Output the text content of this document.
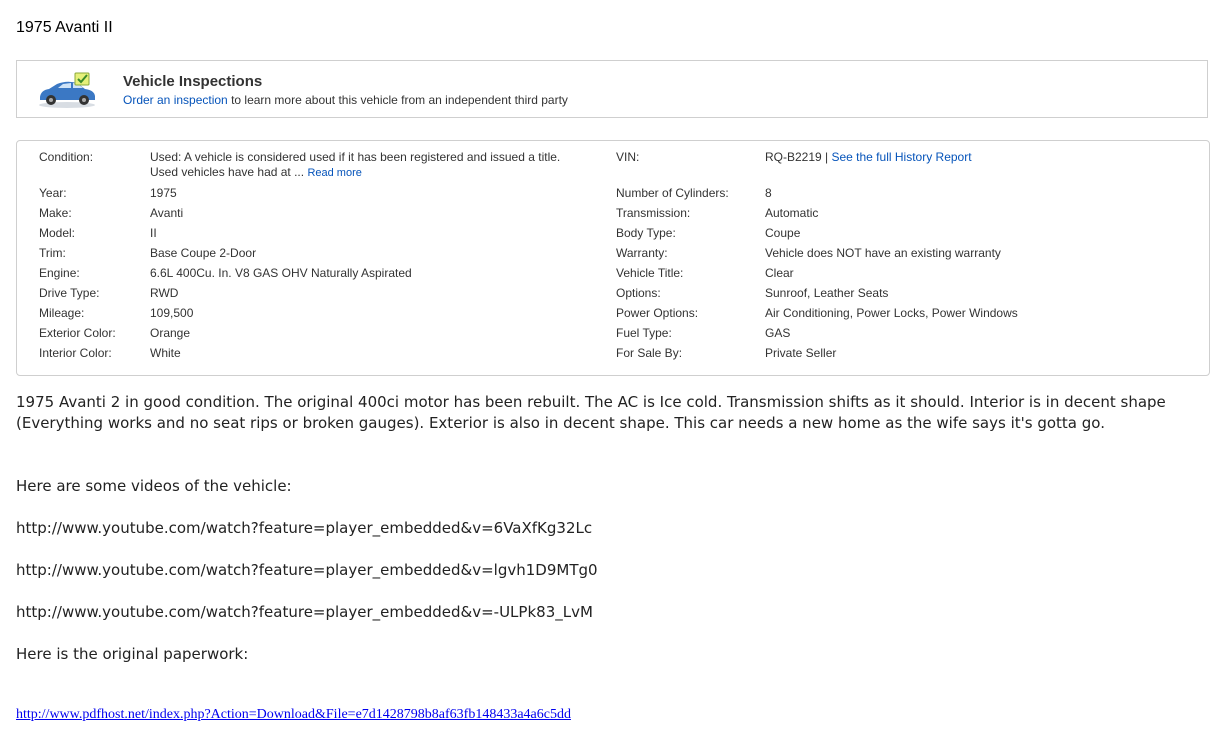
1975 Avanti II
Vehicle Inspections
Order an inspection to learn more about this vehicle from an independent third party
Condition:	Used: A vehicle is considered used if it has been registered and issued a title. Used vehicles have had at ... Read more
VIN:	RQ-B2219 | See the full History Report
Year:	1975
Make:	Avanti
Model:	II
Trim:	Base Coupe 2-Door
Engine:	6.6L 400Cu. In. V8 GAS OHV Naturally Aspirated
Drive Type:	RWD
Mileage:	109,500
Exterior Color:	Orange
Interior Color:	White
Number of Cylinders:	8
Transmission:	Automatic
Body Type:	Coupe
Warranty:	Vehicle does NOT have an existing warranty
Vehicle Title:	Clear
Options:	Sunroof, Leather Seats
Power Options:	Air Conditioning, Power Locks, Power Windows
Fuel Type:	GAS
For Sale By:	Private Seller
1975 Avanti 2 in good condition. The original 400ci motor has been rebuilt. The AC is Ice cold. Transmission shifts as it should. Interior is in decent shape (Everything works and no seat rips or broken gauges). Exterior is also in decent shape. This car needs a new home as the wife says it's gotta go.
Here are some videos of the vehicle:
http://www.youtube.com/watch?feature=player_embedded&v=6VaXfKg32Lc
http://www.youtube.com/watch?feature=player_embedded&v=lgvh1D9MTg0
http://www.youtube.com/watch?feature=player_embedded&v=-ULPk83_LvM
Here is the original paperwork:
http://www.pdfhost.net/index.php?Action=Download&File=e7d1428798b8af63fb148433a4a6c5dd
